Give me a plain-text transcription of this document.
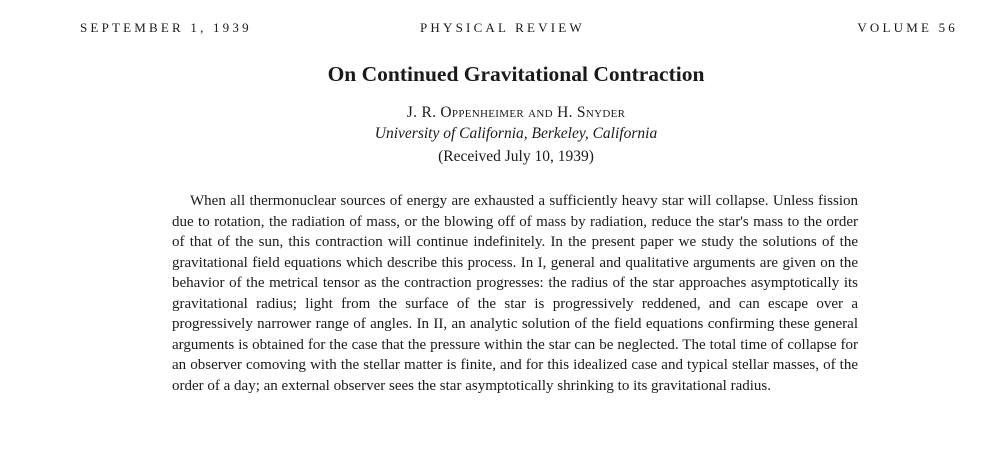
SEPTEMBER 1, 1939	PHYSICAL REVIEW	VOLUME 56
On Continued Gravitational Contraction
J. R. Oppenheimer and H. Snyder
University of California, Berkeley, California
(Received July 10, 1939)

When all thermonuclear sources of energy are exhausted a sufficiently heavy star will collapse. Unless fission due to rotation, the radiation of mass, or the blowing off of mass by radiation, reduce the star's mass to the order of that of the sun, this contraction will continue indefinitely. In the present paper we study the solutions of the gravitational field equations which describe this process. In I, general and qualitative arguments are given on the behavior of the metrical tensor as the contraction progresses: the radius of the star approaches asymptotically its gravitational radius; light from the surface of the star is progressively reddened, and can escape over a progressively narrower range of angles. In II, an analytic solution of the field equations confirming these general arguments is obtained for the case that the pressure within the star can be neglected. The total time of collapse for an observer comoving with the stellar matter is finite, and for this idealized case and typical stellar masses, of the order of a day; an external observer sees the star asymptotically shrinking to its gravitational radius.
